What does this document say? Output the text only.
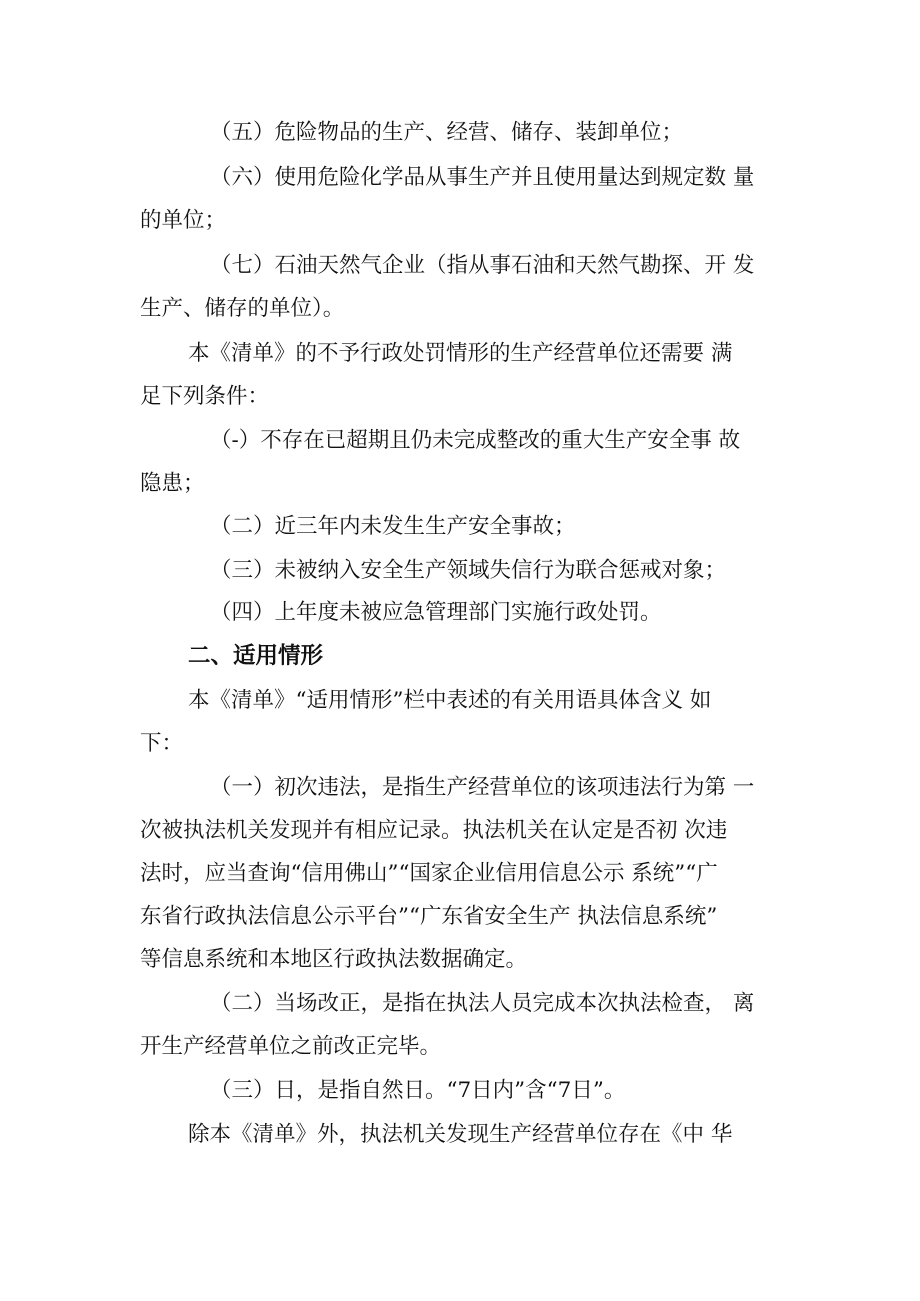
（五）危险物品的生产、经营、储存、装卸单位；
（六）使用危险化学品从事生产并且使用量达到规定数 量
的单位；
（七）石油天然气企业（指从事石油和天然气勘探、开 发
生产、储存的单位）。
本《清单》的不予行政处罚情形的生产经营单位还需要 满
足下列条件：
（-）不存在已超期且仍未完成整改的重大生产安全事 故
隐患；
（二）近三年内未发生生产安全事故；
（三）未被纳入安全生产领域失信行为联合惩戒对象；
（四）上年度未被应急管理部门实施行政处罚。
二、适用情形
本《清单》“适用情形”栏中表述的有关用语具体含义 如
下：
（一）初次违法，是指生产经营单位的该项违法行为第 一
次被执法机关发现并有相应记录。执法机关在认定是否初 次违
法时，应当查询“信用佛山”“国家企业信用信息公示 系统”“广
东省行政执法信息公示平台”“广东省安全生产 执法信息系统”
等信息系统和本地区行政执法数据确定。
（二）当场改正，是指在执法人员完成本次执法检查， 离
开生产经营单位之前改正完毕。
（三）日，是指自然日。“7日内”含“7日”。
除本《清单》外，执法机关发现生产经营单位存在《中 华
